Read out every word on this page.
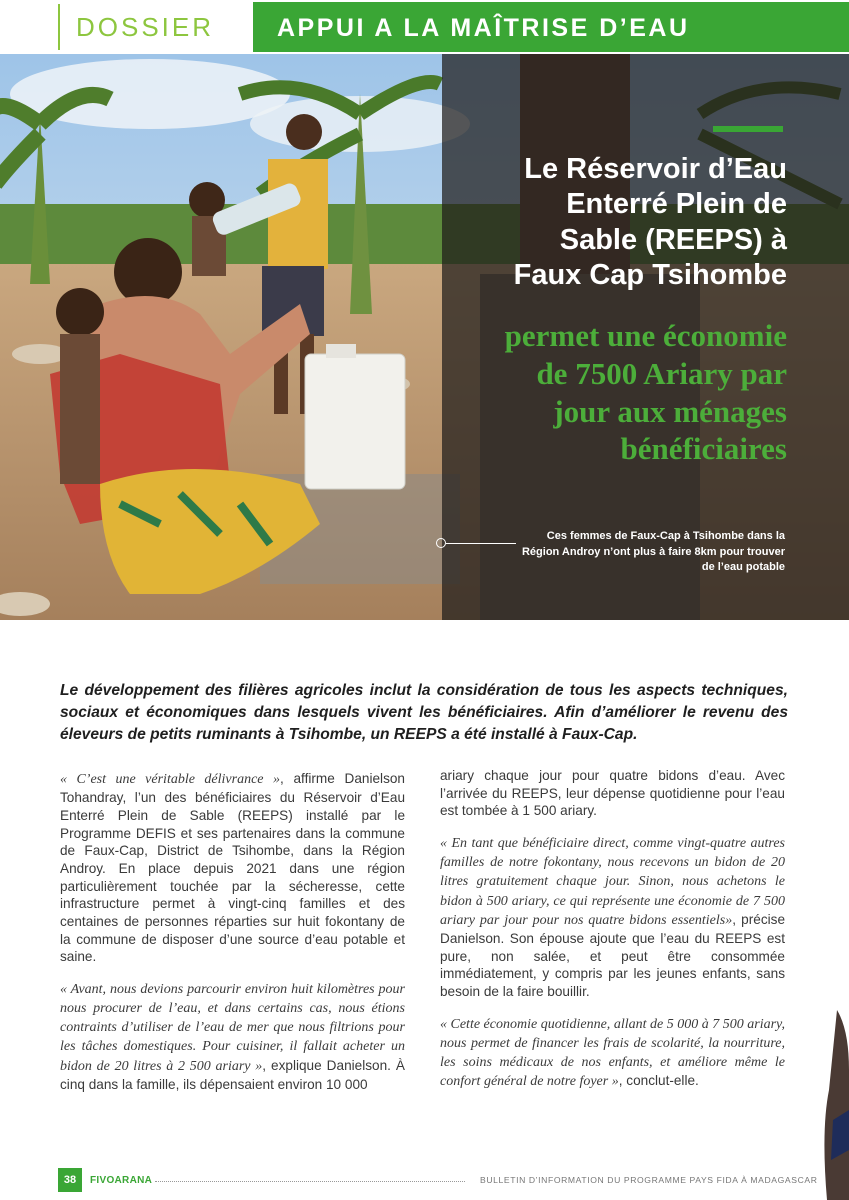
DOSSIER	APPUI A LA MAÎTRISE D’EAU
Le Réservoir d’Eau
Enterré Plein de
Sable (REEPS) à
Faux Cap Tsihombe
permet une économie
de 7500 Ariary par
jour aux ménages
bénéficiaires
Ces femmes de Faux-Cap à Tsihombe dans la
Région Androy n’ont plus à faire 8km pour trouver
de l’eau potable
Le développement des filières agricoles inclut la considération de tous les aspects techniques, sociaux et économiques dans lesquels vivent les bénéficiaires. Afin d’améliorer le revenu des éleveurs de petits ruminants à Tsihombe, un REEPS a été installé à Faux-Cap.

« C’est une véritable délivrance », affirme Danielson Tohandray, l’un des bénéficiaires du Réservoir d’Eau Enterré Plein de Sable (REEPS) installé par le Programme DEFIS et ses partenaires dans la commune de Faux-Cap, District de Tsihombe, dans la Région Androy. En place depuis 2021 dans une région particulièrement touchée par la sécheresse, cette infrastructure permet à vingt-cinq familles et des centaines de personnes réparties sur huit fokontany de la commune de disposer d’une source d’eau potable et saine.

« Avant, nous devions parcourir environ huit kilomètres pour nous procurer de l’eau, et dans certains cas, nous étions contraints d’utiliser de l’eau de mer que nous filtrions pour les tâches domestiques. Pour cuisiner, il fallait acheter un bidon de 20 litres à 2 500 ariary », explique Danielson. À cinq dans la famille, ils dépensaient environ 10 000

ariary chaque jour pour quatre bidons d’eau. Avec l’arrivée du REEPS, leur dépense quotidienne pour l’eau est tombée à 1 500 ariary.

« En tant que bénéficiaire direct, comme vingt-quatre autres familles de notre fokontany, nous recevons un bidon de 20 litres gratuitement chaque jour. Sinon, nous achetons le bidon à 500 ariary, ce qui représente une économie de 7 500 ariary par jour pour nos quatre bidons essentiels», précise Danielson. Son épouse ajoute que l’eau du REEPS est pure, non salée, et peut être consommée immédiatement, y compris par les jeunes enfants, sans besoin de la faire bouillir.

« Cette économie quotidienne, allant de 5 000 à 7 500 ariary, nous permet de financer les frais de scolarité, la nourriture, les soins médicaux de nos enfants, et améliore même le confort général de notre foyer », conclut-elle.

38	FIVOARANA	BULLETIN D’INFORMATION DU PROGRAMME PAYS FIDA À MADAGASCAR
